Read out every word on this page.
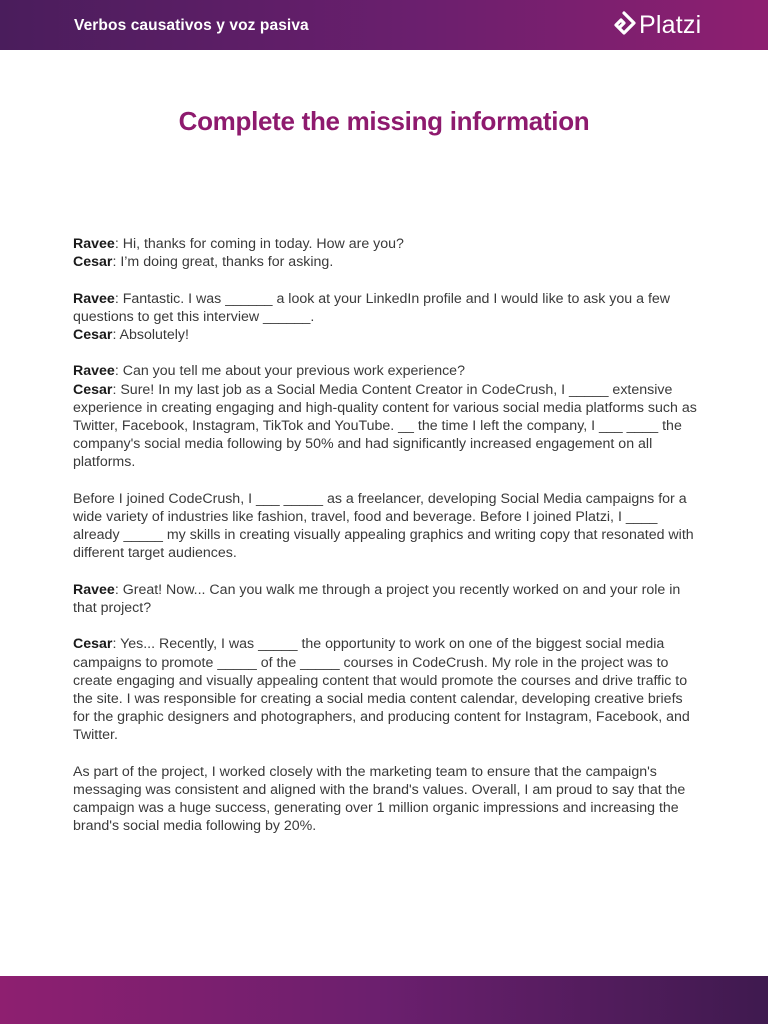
Verbos causativos y voz pasiva	Platzi
Complete the missing information

Ravee: Hi, thanks for coming in today. How are you?
Cesar: I’m doing great, thanks for asking.

Ravee: Fantastic. I was ______ a look at your LinkedIn profile and I would like to ask you a few questions to get this interview ______.
Cesar: Absolutely!

Ravee: Can you tell me about your previous work experience?
Cesar: Sure! In my last job as a Social Media Content Creator in CodeCrush, I _____ extensive experience in creating engaging and high-quality content for various social media platforms such as Twitter, Facebook, Instagram, TikTok and YouTube. __ the time I left the company, I ___ ____ the company's social media following by 50% and had significantly increased engagement on all platforms.

Before I joined CodeCrush, I ___ _____ as a freelancer, developing Social Media campaigns for a wide variety of industries like fashion, travel, food and beverage. Before I joined Platzi, I ____ already _____ my skills in creating visually appealing graphics and writing copy that resonated with different target audiences.

Ravee: Great! Now... Can you walk me through a project you recently worked on and your role in that project?

Cesar: Yes... Recently, I was _____ the opportunity to work on one of the biggest social media campaigns to promote _____ of the _____ courses in CodeCrush. My role in the project was to create engaging and visually appealing content that would promote the courses and drive traffic to the site. I was responsible for creating a social media content calendar, developing creative briefs for the graphic designers and photographers, and producing content for Instagram, Facebook, and Twitter.

As part of the project, I worked closely with the marketing team to ensure that the campaign's messaging was consistent and aligned with the brand's values. Overall, I am proud to say that the campaign was a huge success, generating over 1 million organic impressions and increasing the brand's social media following by 20%.
